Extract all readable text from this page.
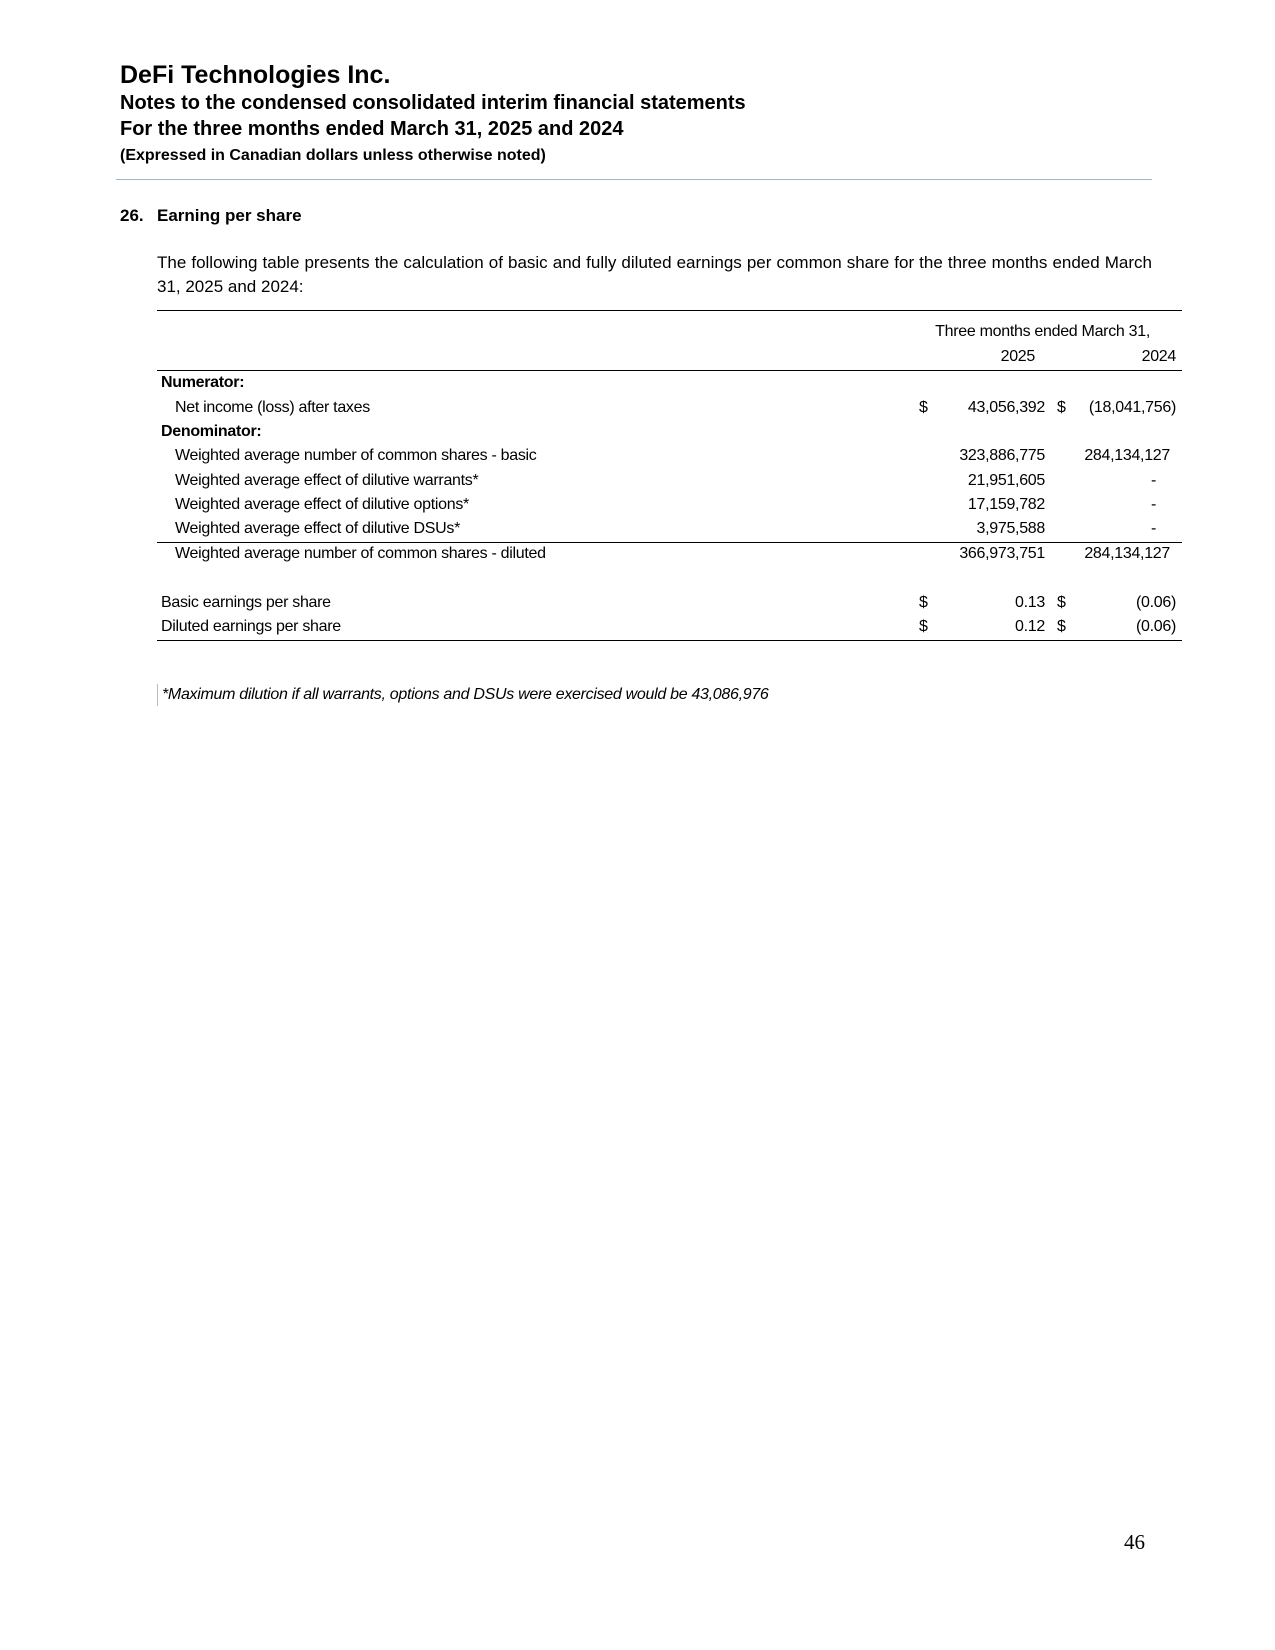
DeFi Technologies Inc.
Notes to the condensed consolidated interim financial statements
For the three months ended March 31, 2025 and 2024
(Expressed in Canadian dollars unless otherwise noted)
26. Earning per share
The following table presents the calculation of basic and fully diluted earnings per common share for the three months ended March 31, 2025 and 2024:
Three months ended March 31,
2025	2024
Numerator:
Net income (loss) after taxes	$	43,056,392 $ (18,041,756)
Denominator:
Weighted average number of common shares - basic	323,886,775 284,134,127
Weighted average effect of dilutive warrants*	21,951,605	-
Weighted average effect of dilutive options*	17,159,782	-
Weighted average effect of dilutive DSUs*	3,975,588	-
Weighted average number of common shares - diluted	366,973,751 284,134,127
Basic earnings per share	$	0.13 $	(0.06)
Diluted earnings per share	$	0.12 $	(0.06)
*Maximum dilution if all warrants, options and DSUs were exercised would be 43,086,976
46
